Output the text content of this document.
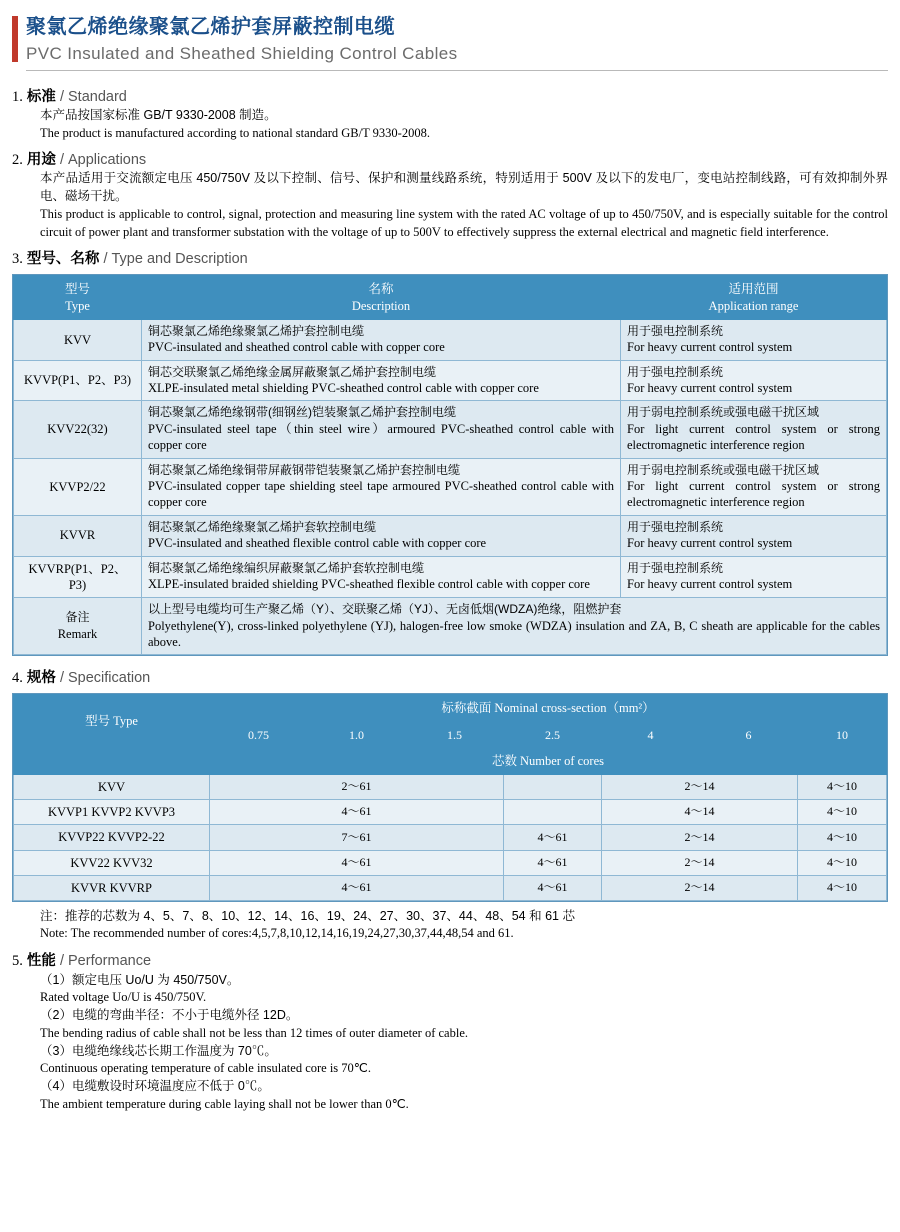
聚氯乙烯绝缘聚氯乙烯护套屏蔽控制电缆
PVC Insulated and Sheathed Shielding Control Cables
1. 标准 / Standard
本产品按国家标准 GB/T 9330-2008 制造。
The product is manufactured according to national standard GB/T 9330-2008.
2. 用途 / Applications
本产品适用于交流额定电压 450/750V 及以下控制、信号、保护和测量线路系统，特别适用于 500V 及以下的发电厂，变电站控制线路，可有效抑制外界电、磁场干扰。
This product is applicable to control, signal, protection and measuring line system with the rated AC voltage of up to 450/750V, and is especially suitable for the control circuit of power plant and transformer substation with the voltage of up to 500V to effectively suppress the external electrical and magnetic field interference.
3. 型号、名称 / Type and Description
型号
Type	名称
Description	适用范围
Application range

KVV	铜芯聚氯乙烯绝缘聚氯乙烯护套控制电缆
PVC-insulated and sheathed control cable with copper core	用于强电控制系统
For heavy current control system

KVVP(P1、P2、P3)	铜芯交联聚氯乙烯绝缘金属屏蔽聚氯乙烯护套控制电缆
XLPE-insulated metal shielding PVC-sheathed control cable with copper core	用于强电控制系统
For heavy current control system

KVV22(32)	铜芯聚氯乙烯绝缘钢带(细钢丝)铠装聚氯乙烯护套控制电缆
PVC-insulated steel tape（thin steel wire）armoured PVC-sheathed control cable with copper core	用于弱电控制系统或强电磁干扰区域
For light current control system or strong electromagnetic interference region

KVVP2/22	铜芯聚氯乙烯绝缘铜带屏蔽钢带铠装聚氯乙烯护套控制电缆
PVC-insulated copper tape shielding steel tape armoured PVC-sheathed control cable with copper core	用于弱电控制系统或强电磁干扰区域
For light current control system or strong electromagnetic interference region

KVVR	铜芯聚氯乙烯绝缘聚氯乙烯护套软控制电缆
PVC-insulated and sheathed flexible control cable with copper core	用于强电控制系统
For heavy current control system

KVVRP(P1、P2、P3)	铜芯聚氯乙烯绝缘编织屏蔽聚氯乙烯护套软控制电缆
XLPE-insulated braided shielding PVC-sheathed flexible control cable with copper core	用于强电控制系统
For heavy current control system

备注
Remark	以上型号电缆均可生产聚乙烯（Y）、交联聚乙烯（YJ）、无卤低烟(WDZA)绝缘，阻燃护套
Polyethylene(Y), cross-linked polyethylene (YJ), halogen-free low smoke (WDZA) insulation and ZA, B, C sheath are applicable for the cables above.	
4. 规格 / Specification
型号 Type	标称截面 Nominal cross-section（mm²）						
	0.75	1.0	1.5	2.5	4	6	10
	芯数 Number of cores						
KVV	2～61				2～14		4～10
KVVP1 KVVP2 KVVP3	4～61				4～14		4～10
KVVP22 KVVP2-22	7～61			4～61	2～14		4～10
KVV22 KVV32	4～61			4～61	2～14		4～10
KVVR KVVRP	4～61			4～61	2～14		4～10
注：推荐的芯数为 4、5、7、8、10、12、14、16、19、24、27、30、37、44、48、54 和 61 芯
Note: The recommended number of cores:4,5,7,8,10,12,14,16,19,24,27,30,37,44,48,54 and 61.
5. 性能 / Performance
（1）额定电压 Uo/U 为 450/750V。
Rated voltage Uo/U is 450/750V.
（2）电缆的弯曲半径：不小于电缆外径 12D。
The bending radius of cable shall not be less than 12 times of outer diameter of cable.
（3）电缆绝缘线芯长期工作温度为 70℃。
Continuous operating temperature of cable insulated core is 70℃.
（4）电缆敷设时环境温度应不低于 0℃。
The ambient temperature during cable laying shall not be lower than 0℃.
